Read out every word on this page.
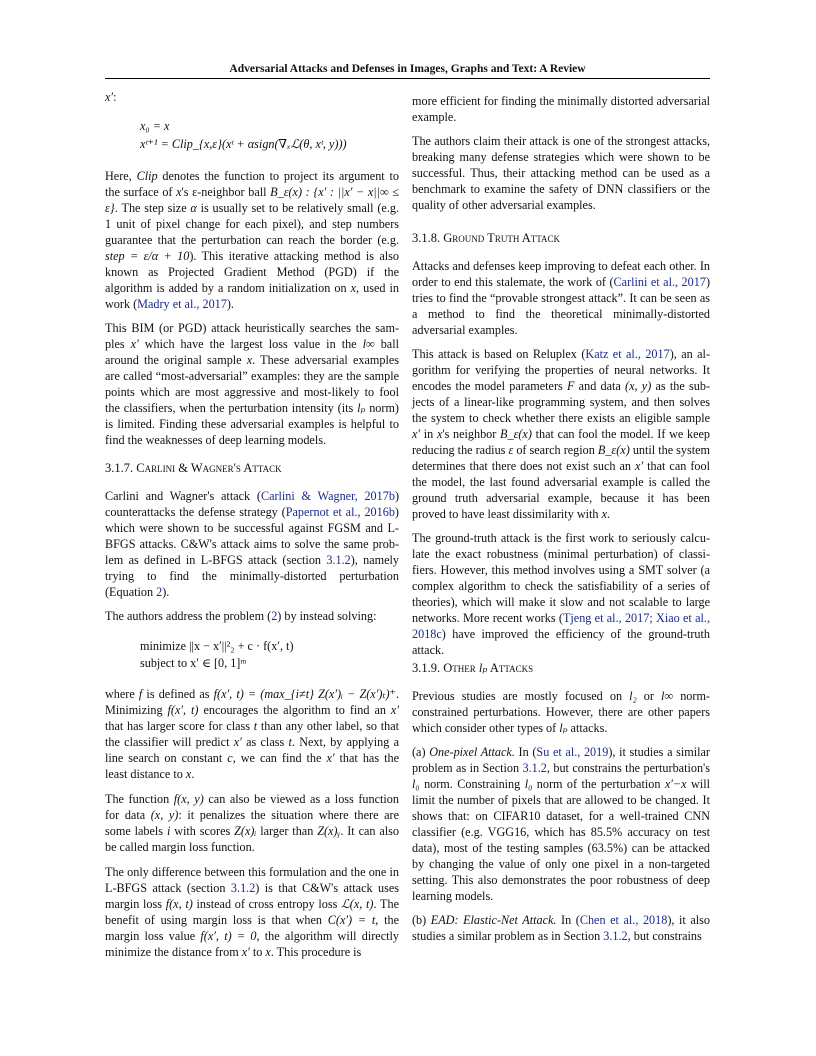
Adversarial Attacks and Defenses in Images, Graphs and Text: A Review
x′:
x₀ = x
xᵗ⁺¹ = Clip_{x,ε}(xᵗ + αsign(∇ₓℒ(θ, xᵗ, y)))
Here, Clip denotes the function to project its argument to the surface of x's ε-neighbor ball B_ε(x) : {x′ : ||x′ − x||∞ ≤ ε}. The step size α is usually set to be relatively small (e.g. 1 unit of pixel change for each pixel), and step numbers guarantee that the perturbation can reach the border (e.g. step = ε/α + 10). This iterative attacking method is also known as Projected Gradient Method (PGD) if the algorithm is added by a random initialization on x, used in work (Madry et al., 2017).
This BIM (or PGD) attack heuristically searches the samples x′ which have the largest loss value in the l∞ ball around the original sample x. These adversarial examples are called “most-adversarial” examples: they are the sample points which are most aggressive and most-likely to fool the classifiers, when the perturbation intensity (its lₚ norm) is limited. Finding these adversarial examples is helpful to find the weaknesses of deep learning models.
3.1.7. Carlini & Wagner's Attack
Carlini and Wagner's attack (Carlini & Wagner, 2017b) counterattacks the defense strategy (Papernot et al., 2016b) which were shown to be successful against FGSM and L-BFGS attacks. C&W's attack aims to solve the same problem as defined in L-BFGS attack (section 3.1.2), namely trying to find the minimally-distorted perturbation (Equation 2).
The authors address the problem (2) by instead solving:
minimize ||x − x′||²₂ + c · f(x′, t)
subject to x′ ∈ [0, 1]ᵐ
where f is defined as f(x′, t) = (max_{i≠t} Z(x′)ᵢ − Z(x′)ₜ)⁺. Minimizing f(x′, t) encourages the algorithm to find an x′ that has larger score for class t than any other label, so that the classifier will predict x′ as class t. Next, by applying a line search on constant c, we can find the x′ that has the least distance to x.
The function f(x, y) can also be viewed as a loss function for data (x, y): it penalizes the situation where there are some labels i with scores Z(x)ᵢ larger than Z(x)ᵧ. It can also be called margin loss function.
The only difference between this formulation and the one in L-BFGS attack (section 3.1.2) is that C&W's attack uses margin loss f(x, t) instead of cross entropy loss ℒ(x, t). The benefit of using margin loss is that when C(x′) = t, the margin loss value f(x′, t) = 0, the algorithm will directly minimize the distance from x′ to x. This procedure is
more efficient for finding the minimally distorted adversarial example.
The authors claim their attack is one of the strongest attacks, breaking many defense strategies which were shown to be successful. Thus, their attacking method can be used as a benchmark to examine the safety of DNN classifiers or the quality of other adversarial examples.
3.1.8. Ground Truth Attack
Attacks and defenses keep improving to defeat each other. In order to end this stalemate, the work of (Carlini et al., 2017) tries to find the “provable strongest attack”. It can be seen as a method to find the theoretical minimally-distorted adversarial examples.
This attack is based on Reluplex (Katz et al., 2017), an algorithm for verifying the properties of neural networks. It encodes the model parameters F and data (x, y) as the subjects of a linear-like programming system, and then solves the system to check whether there exists an eligible sample x′ in x's neighbor B_ε(x) that can fool the model. If we keep reducing the radius ε of search region B_ε(x) until the system determines that there does not exist such an x′ that can fool the model, the last found adversarial example is called the ground truth adversarial example, because it has been proved to have least dissimilarity with x.
The ground-truth attack is the first work to seriously calculate the exact robustness (minimal perturbation) of classifiers. However, this method involves using a SMT solver (a complex algorithm to check the satisfiability of a series of theories), which will make it slow and not scalable to large networks. More recent works (Tjeng et al., 2017; Xiao et al., 2018c) have improved the efficiency of the ground-truth attack.
3.1.9. Other lₚ Attacks
Previous studies are mostly focused on l₂ or l∞ norm-constrained perturbations. However, there are other papers which consider other types of lₚ attacks.
(a) One-pixel Attack. In (Su et al., 2019), it studies a similar problem as in Section 3.1.2, but constrains the perturbation's l₀ norm. Constraining l₀ norm of the perturbation x′−x will limit the number of pixels that are allowed to be changed. It shows that: on CIFAR10 dataset, for a well-trained CNN classifier (e.g. VGG16, which has 85.5% accuracy on test data), most of the testing samples (63.5%) can be attacked by changing the value of only one pixel in a non-targeted setting. This also demonstrates the poor robustness of deep learning models.
(b) EAD: Elastic-Net Attack. In (Chen et al., 2018), it also studies a similar problem as in Section 3.1.2, but constrains
